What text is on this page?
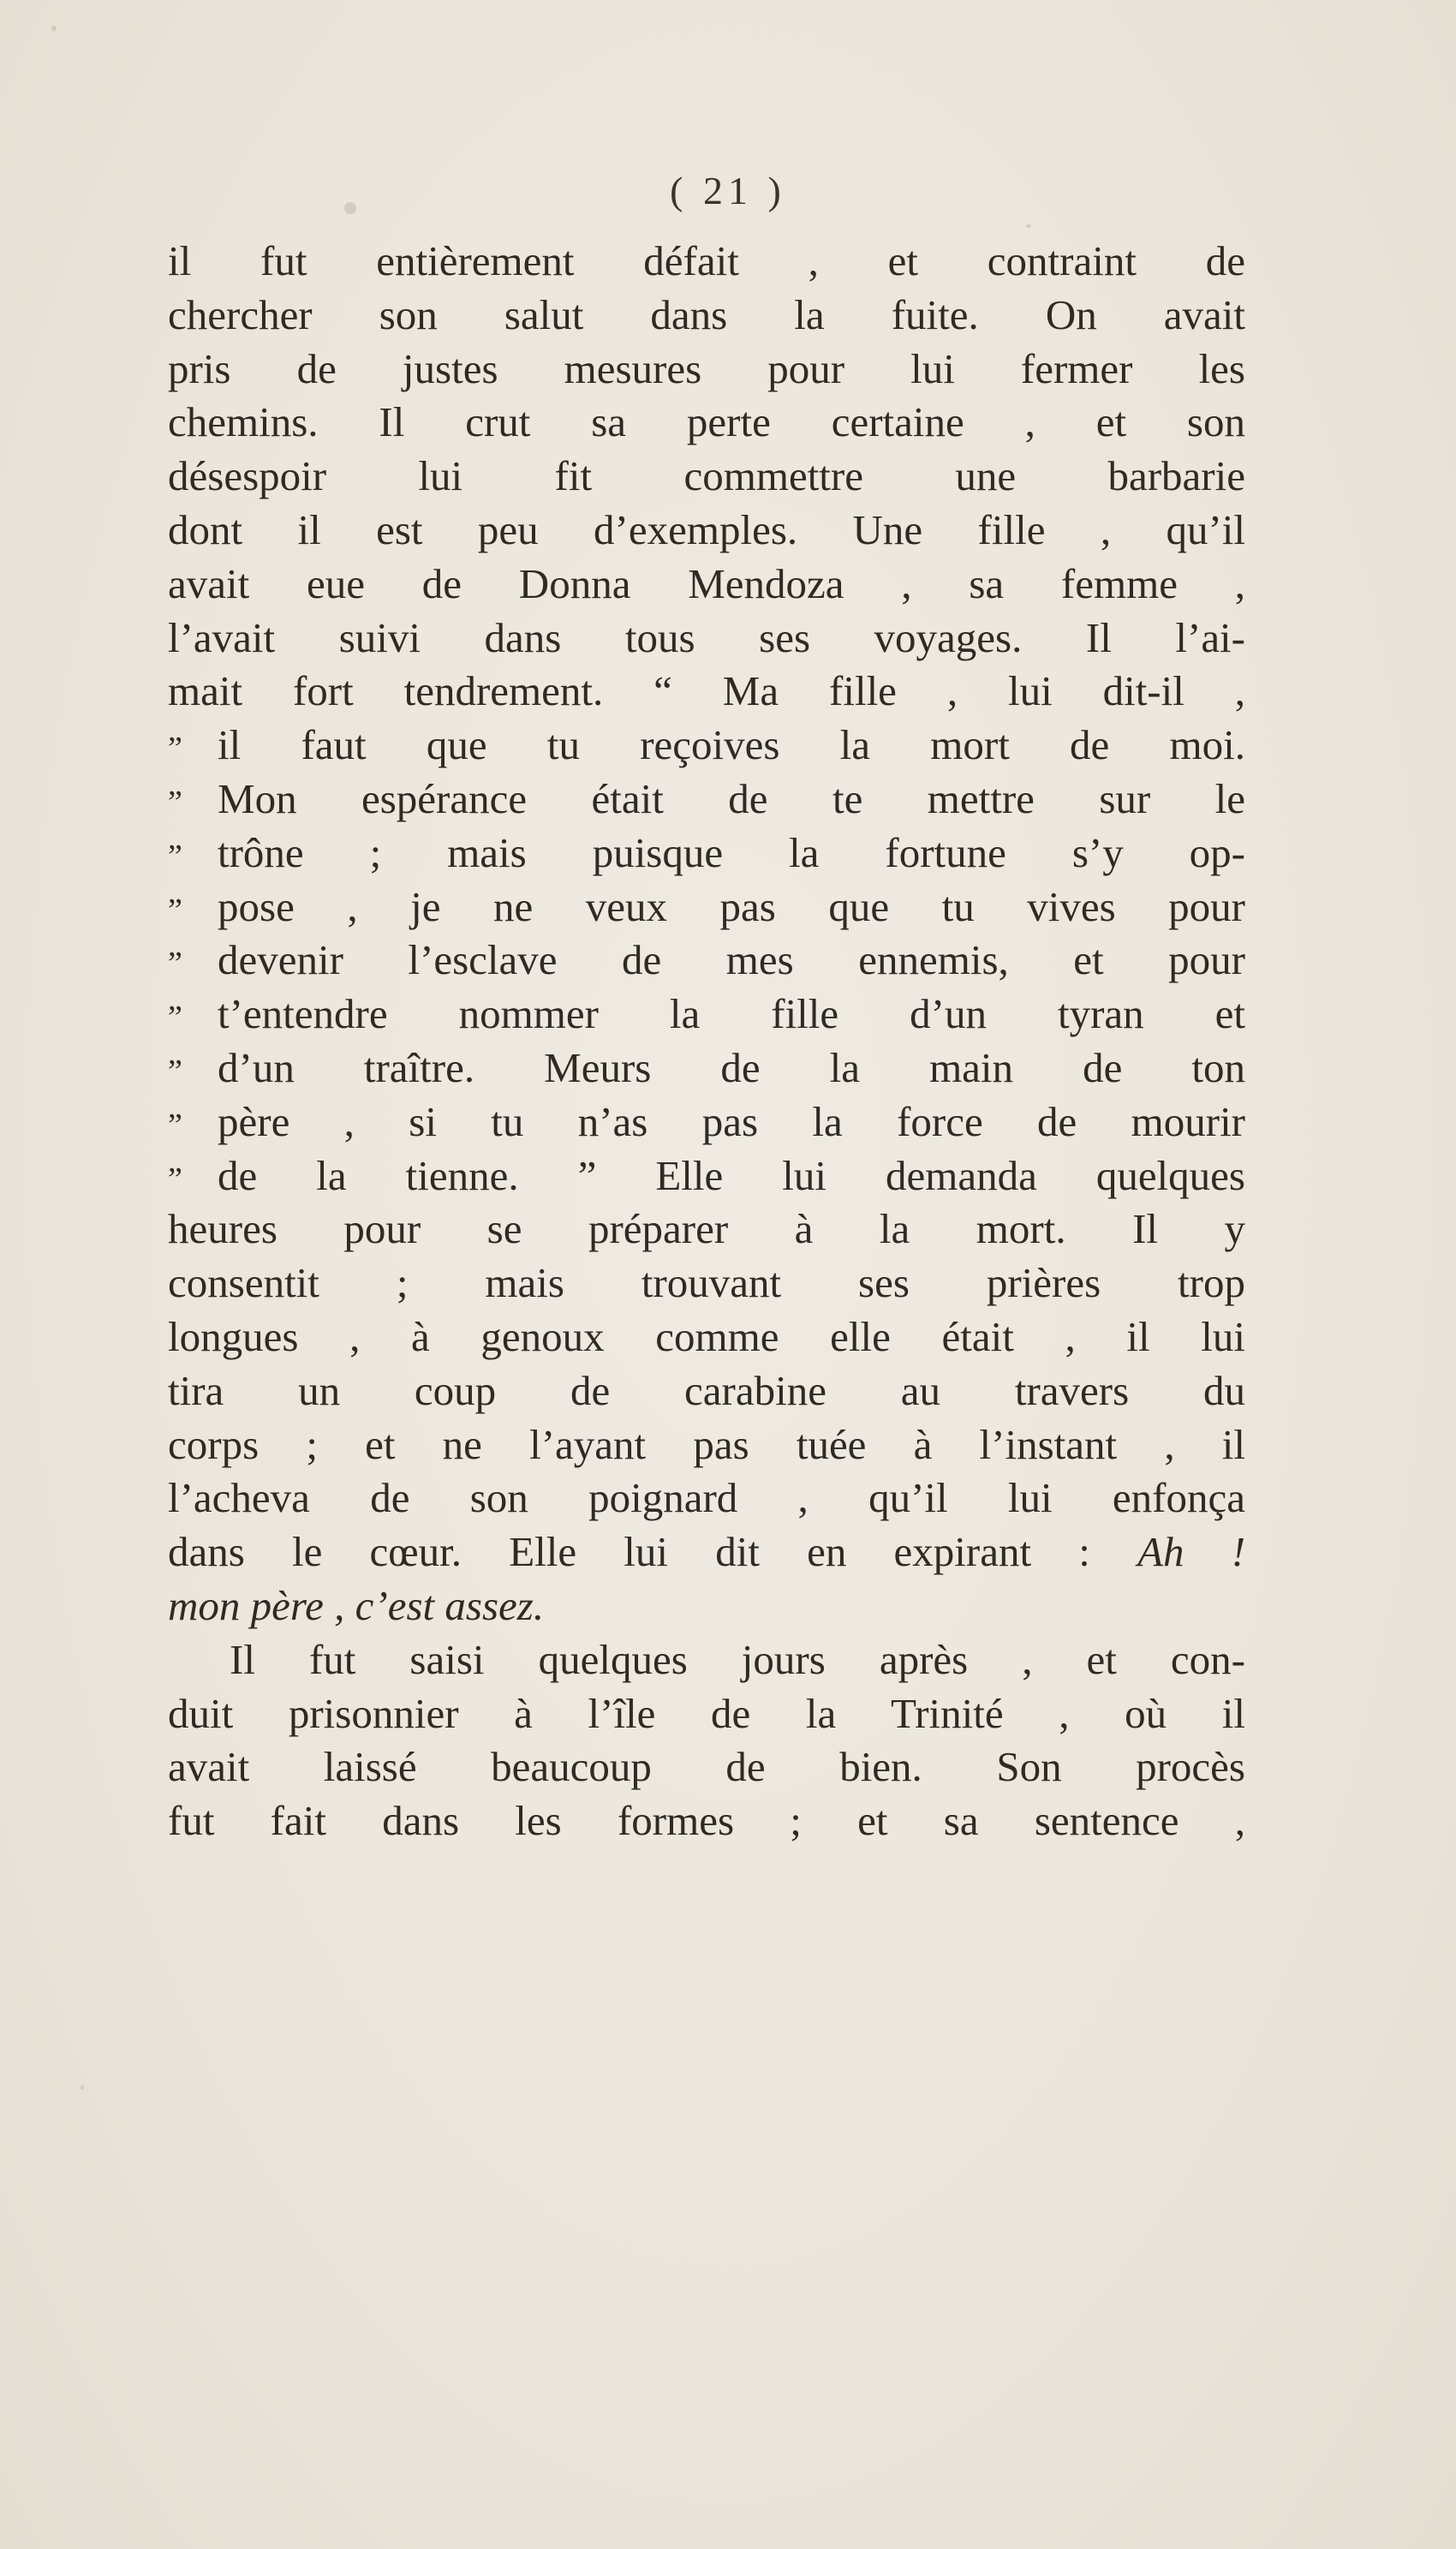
( 21 )
il fut entièrement défait , et contraint de
chercher son salut dans la fuite. On avait
pris de justes mesures pour lui fermer les
chemins. Il crut sa perte certaine , et son
désespoir lui fit commettre une barbarie
dont il est peu d’exemples. Une fille , qu’il
avait eue de Donna Mendoza , sa femme ,
l’avait suivi dans tous ses voyages. Il l’ai-
mait fort tendrement. “ Ma fille , lui dit-il ,
” il faut que tu reçoives la mort de moi.
” Mon espérance était de te mettre sur le
” trône ; mais puisque la fortune s’y op-
” pose , je ne veux pas que tu vives pour
” devenir l’esclave de mes ennemis, et pour
” t’entendre nommer la fille d’un tyran et
” d’un traître. Meurs de la main de ton
” père , si tu n’as pas la force de mourir
” de la tienne. ” Elle lui demanda quelques
heures pour se préparer à la mort. Il y
consentit ; mais trouvant ses prières trop
longues , à genoux comme elle était , il lui
tira un coup de carabine au travers du
corps ; et ne l’ayant pas tuée à l’instant , il
l’acheva de son poignard , qu’il lui enfonça
dans le cœur. Elle lui dit en expirant : Ah !
mon père , c’est assez.
Il fut saisi quelques jours après , et con-
duit prisonnier à l’île de la Trinité , où il
avait laissé beaucoup de bien. Son procès
fut fait dans les formes ; et sa sentence ,
